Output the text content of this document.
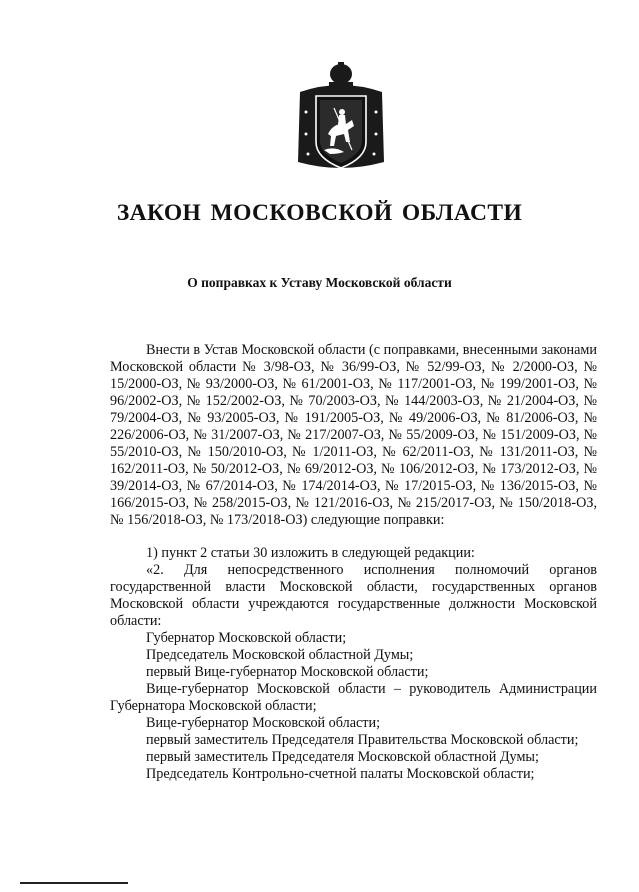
ЗАКОН МОСКОВСКОЙ ОБЛАСТИ
О поправках к Уставу Московской области

Внести в Устав Московской области (с поправками, внесенными законами Московской области № 3/98-ОЗ, № 36/99-ОЗ, № 52/99-ОЗ, № 2/2000-ОЗ, № 15/2000-ОЗ, № 93/2000-ОЗ, № 61/2001-ОЗ, № 117/2001-ОЗ, № 199/2001-ОЗ, № 96/2002-ОЗ, № 152/2002-ОЗ, № 70/2003-ОЗ, № 144/2003-ОЗ, № 21/2004-ОЗ, № 79/2004-ОЗ, № 93/2005-ОЗ, № 191/2005-ОЗ, № 49/2006-ОЗ, № 81/2006-ОЗ, № 226/2006-ОЗ, № 31/2007-ОЗ, № 217/2007-ОЗ, № 55/2009-ОЗ, № 151/2009-ОЗ, № 55/2010-ОЗ, № 150/2010-ОЗ, № 1/2011-ОЗ, № 62/2011-ОЗ, № 131/2011-ОЗ, № 162/2011-ОЗ, № 50/2012-ОЗ, № 69/2012-ОЗ, № 106/2012-ОЗ, № 173/2012-ОЗ, № 39/2014-ОЗ, № 67/2014-ОЗ, № 174/2014-ОЗ, № 17/2015-ОЗ, № 136/2015-ОЗ, № 166/2015-ОЗ, № 258/2015-ОЗ, № 121/2016-ОЗ, № 215/2017-ОЗ, № 150/2018-ОЗ, № 156/2018-ОЗ, № 173/2018-ОЗ) следующие поправки:

1) пункт 2 статьи 30 изложить в следующей редакции:

«2. Для непосредственного исполнения полномочий органов государственной власти Московской области, государственных органов Московской области учреждаются государственные должности Московской области:

Губернатор Московской области;

Председатель Московской областной Думы;

первый Вице-губернатор Московской области;

Вице-губернатор Московской области – руководитель Администрации Губернатора Московской области;

Вице-губернатор Московской области;

первый заместитель Председателя Правительства Московской области;

первый заместитель Председателя Московской областной Думы;

Председатель Контрольно-счетной палаты Московской области;
